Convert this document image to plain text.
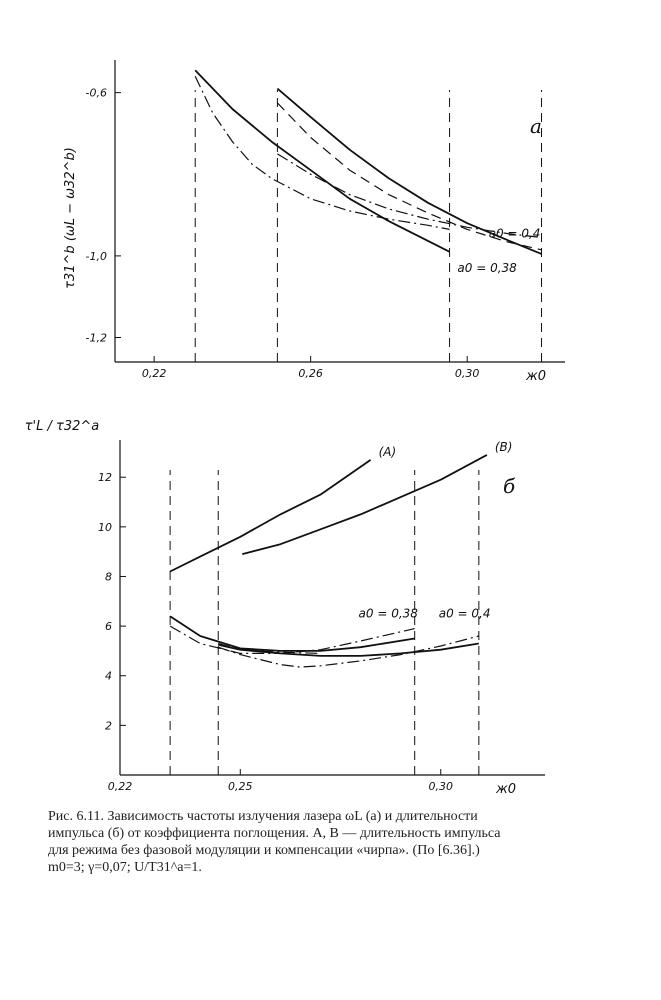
0,22	0,26	0,30
-0,6
-1,0
-1,2
ж0
τ31^b (ωL − ω32^b)
а
a0 = 0,38
a0 = 0,4
0,22	0,25	0,30
2
4
6
8
10
12
ж0
τ'L / τ32^a
б
(A)	(B)
a0 = 0,38 a0 = 0,4

Рис. 6.11. Зависимость частоты излучения лазера ωL (a) и длительности
импульса (б) от коэффициента поглощения. A, B — длительность импульса
для режима без фазовой модуляции и компенсации «чирпа». (По [6.36].)
m0=3; γ=0,07; U/T31^a=1.
